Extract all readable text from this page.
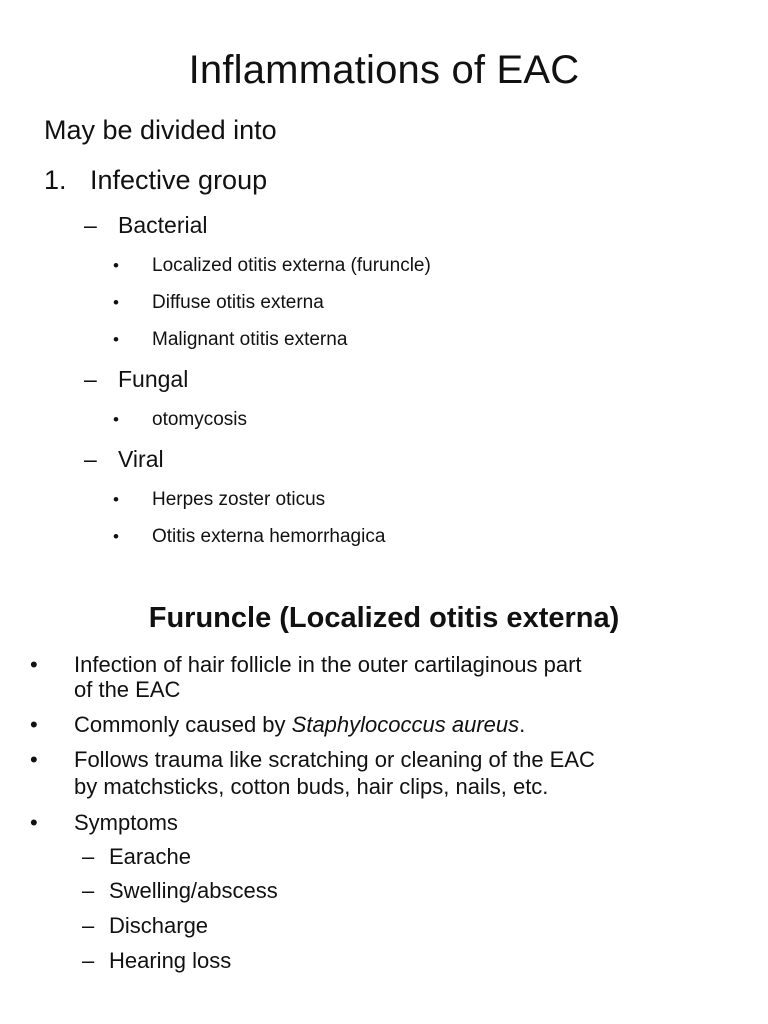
Inflammations of EAC
May be divided into
1. Infective group
– Bacterial
• Localized otitis externa (furuncle)
• Diffuse otitis externa
• Malignant otitis externa
– Fungal
• otomycosis
– Viral
• Herpes zoster oticus
• Otitis externa hemorrhagica
Furuncle (Localized otitis externa)
• Infection of hair follicle in the outer cartilaginous part
of the EAC
• Commonly caused by Staphylococcus aureus.
• Follows trauma like scratching or cleaning of the EAC
by matchsticks, cotton buds, hair clips, nails, etc.
• Symptoms
– Earache
– Swelling/abscess
– Discharge
– Hearing loss
